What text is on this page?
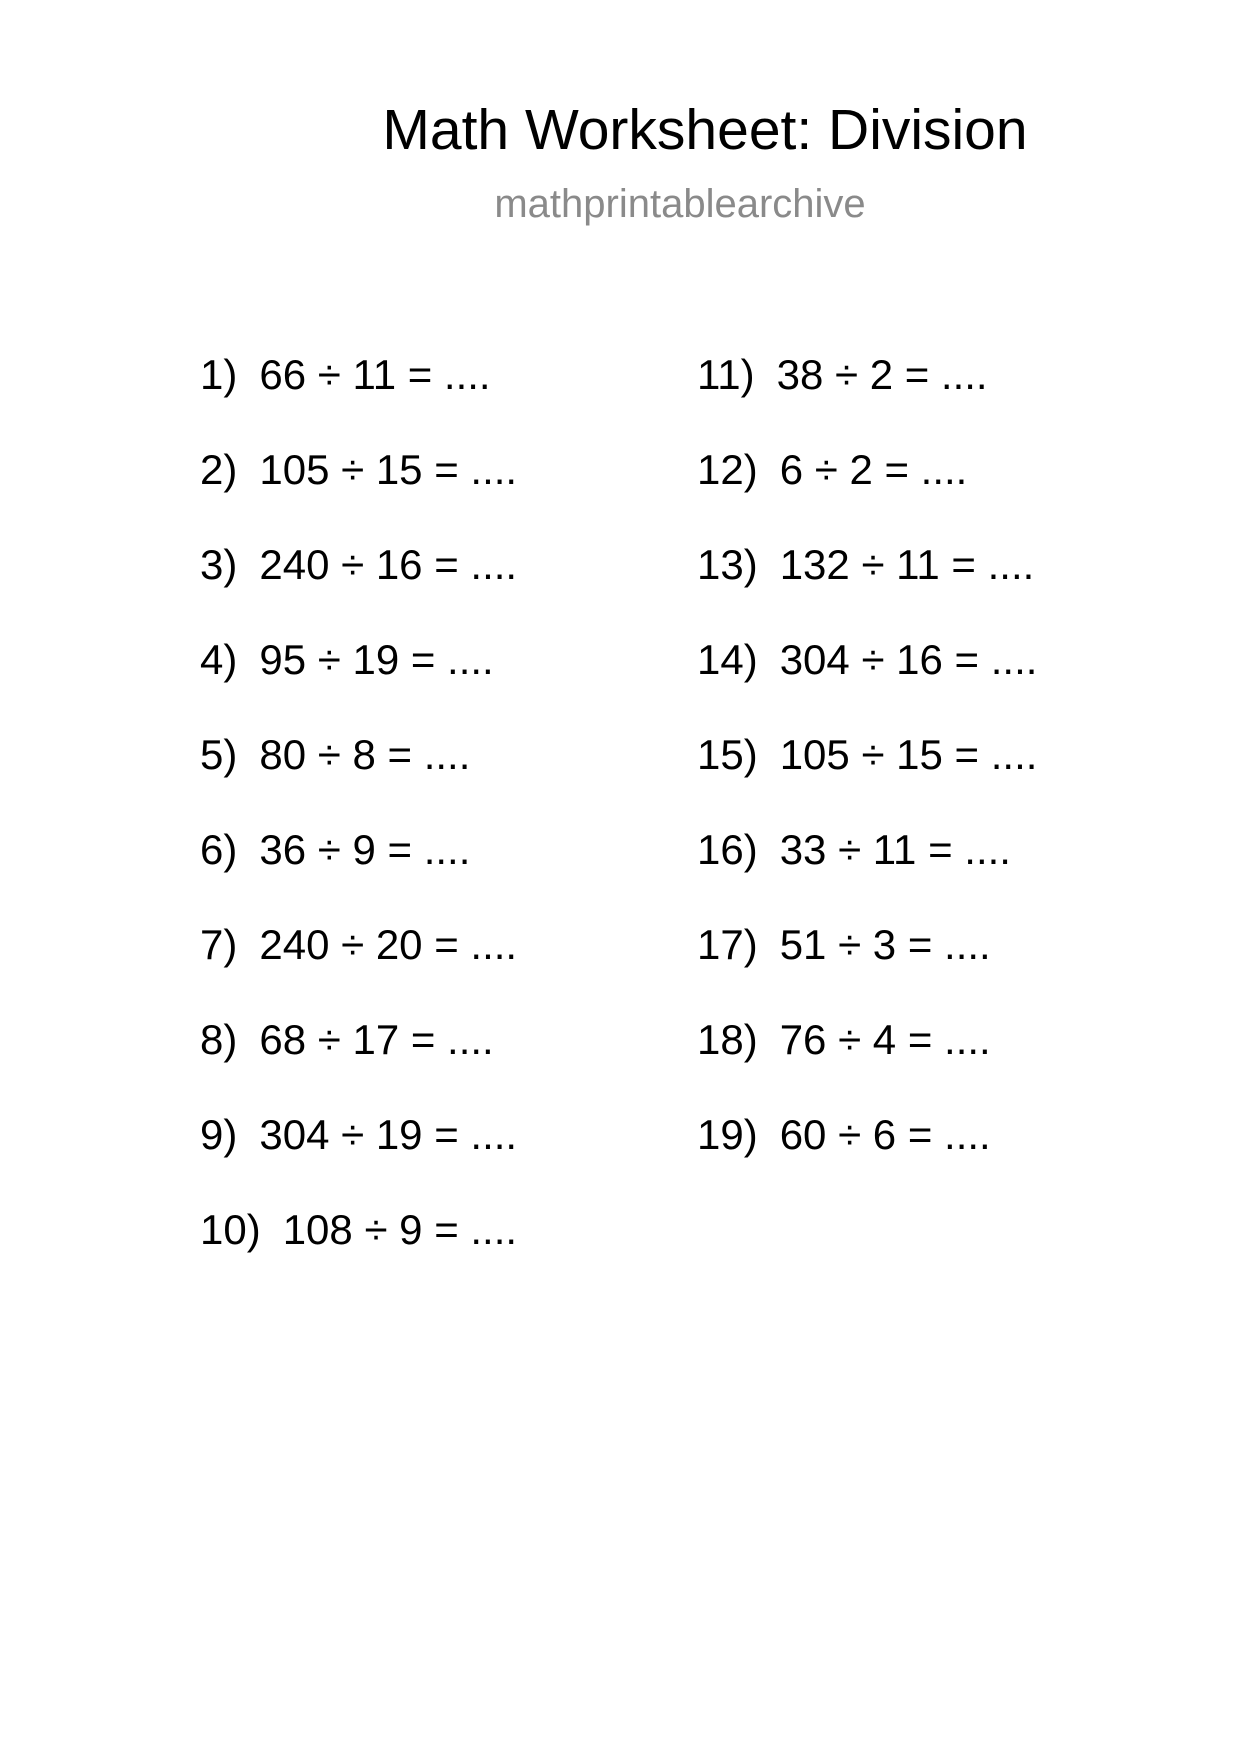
Math Worksheet: Division
mathprintablearchive
1) 66 ÷ 11 = ....
2) 105 ÷ 15 = ....
3) 240 ÷ 16 = ....
4) 95 ÷ 19 = ....
5) 80 ÷ 8 = ....
6) 36 ÷ 9 = ....
7) 240 ÷ 20 = ....
8) 68 ÷ 17 = ....
9) 304 ÷ 19 = ....
10) 108 ÷ 9 = ....
11) 38 ÷ 2 = ....
12) 6 ÷ 2 = ....
13) 132 ÷ 11 = ....
14) 304 ÷ 16 = ....
15) 105 ÷ 15 = ....
16) 33 ÷ 11 = ....
17) 51 ÷ 3 = ....
18) 76 ÷ 4 = ....
19) 60 ÷ 6 = ....
